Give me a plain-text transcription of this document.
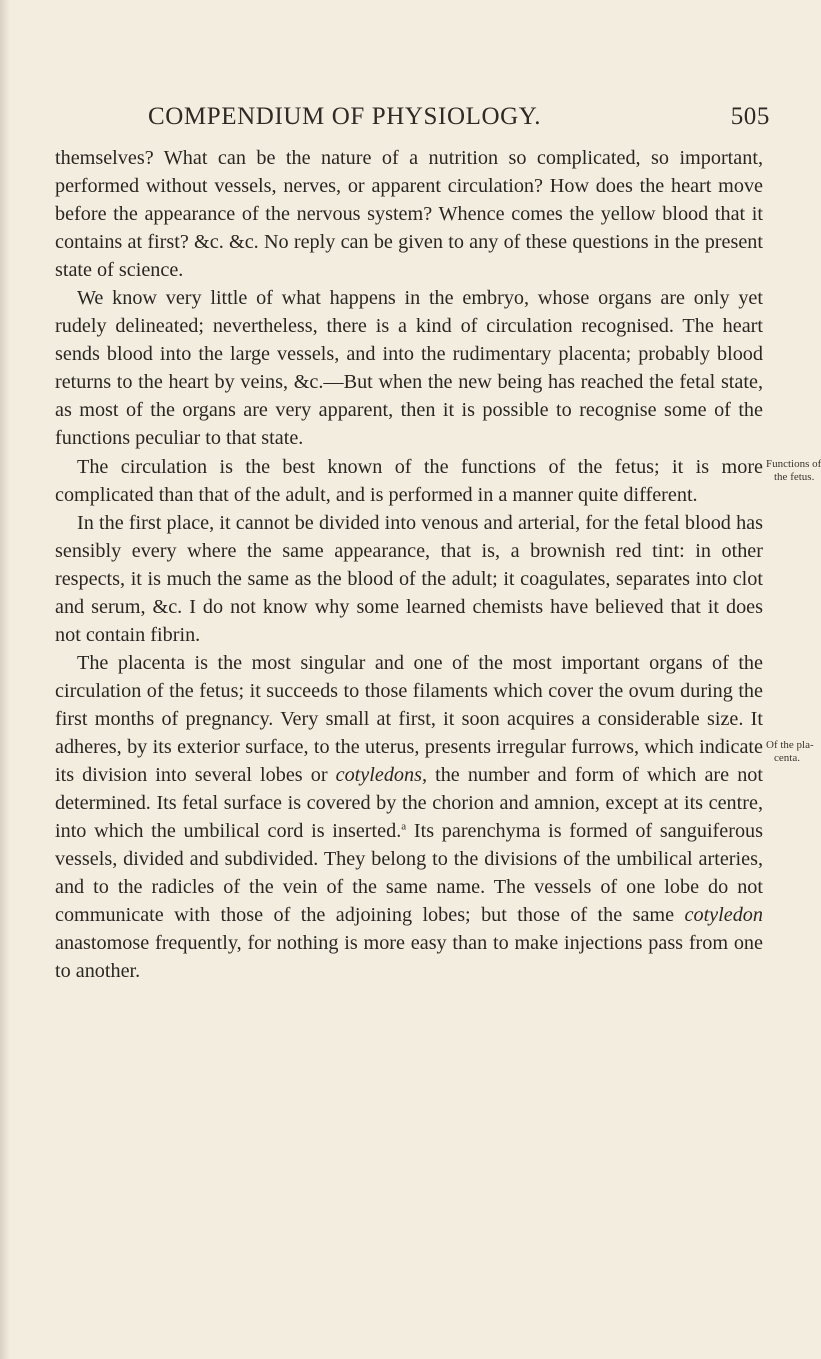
COMPENDIUM OF PHYSIOLOGY.	505

themselves? What can be the nature of a nutrition so complicated, so important, performed without vessels, nerves, or apparent circulation? How does the heart move before the appearance of the nervous system? Whence comes the yellow blood that it contains at first? &c. &c. No reply can be given to any of these questions in the present state of science.

We know very little of what happens in the embryo, whose organs are only yet rudely delineated; nevertheless, there is a kind of circulation recognised. The heart sends blood into the large vessels, and into the rudimentary placenta; probably blood returns to the heart by veins, &c.—But when the new being has reached the fetal state, as most of the organs are very apparent, then it is possible to recognise some of the functions peculiar to that state.

The circulation is the best known of the functions of the fetus; it is more complicated than that of the adult, and is performed in a manner quite different.

In the first place, it cannot be divided into venous and arterial, for the fetal blood has sensibly every where the same appearance, that is, a brownish red tint: in other respects, it is much the same as the blood of the adult; it coagulates, separates into clot and serum, &c. I do not know why some learned chemists have believed that it does not contain fibrin.

The placenta is the most singular and one of the most important organs of the circulation of the fetus; it succeeds to those filaments which cover the ovum during the first months of pregnancy. Very small at first, it soon acquires a considerable size. It adheres, by its exterior surface, to the uterus, presents irregular furrows, which indicate its division into several lobes or cotyledons, the number and form of which are not determined. Its fetal surface is covered by the chorion and amnion, except at its centre, into which the umbilical cord is inserted.$^a$ Its parenchyma is formed of sanguiferous vessels, divided and subdivided. They belong to the divisions of the umbilical arteries, and to the radicles of the vein of the same name. The vessels of one lobe do not communicate with those of the adjoining lobes; but those of the same cotyledon anastomose frequently, for nothing is more easy than to make injections pass from one to another.

Functions of
the fetus.
Of the pla-
centa.
